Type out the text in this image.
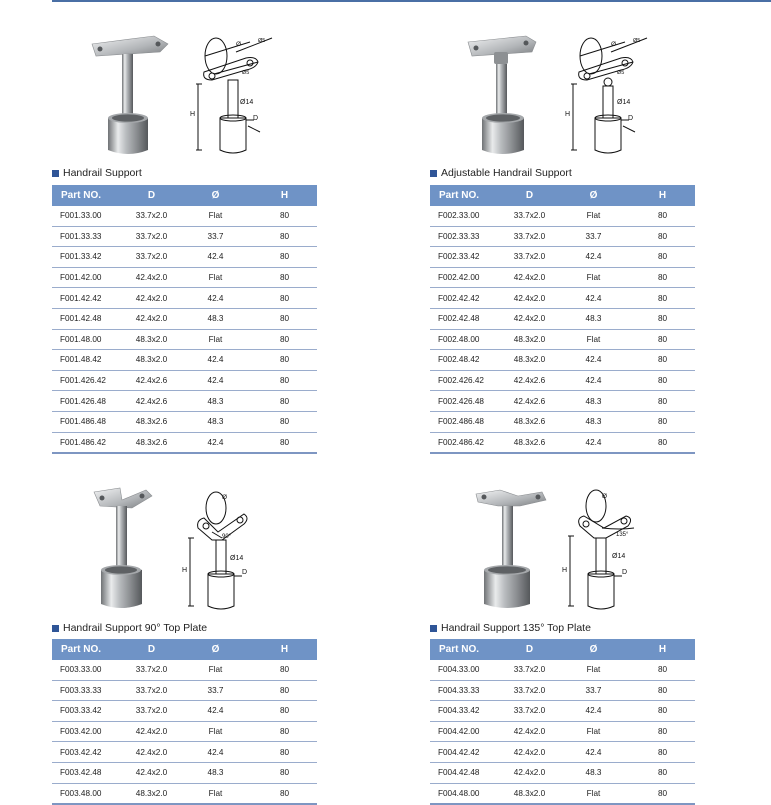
Ø	Ø5
Ø5
Ø14
H
D
Handrail Support
Part NO.	D	Ø	H
F001.33.00	33.7x2.0	Flat	80
F001.33.33	33.7x2.0	33.7	80
F001.33.42	33.7x2.0	42.4	80
F001.42.00	42.4x2.0	Flat	80
F001.42.42	42.4x2.0	42.4	80
F001.42.48	42.4x2.0	48.3	80
F001.48.00	48.3x2.0	Flat	80
F001.48.42	48.3x2.0	42.4	80
F001.426.42	42.4x2.6	42.4	80
F001.426.48	42.4x2.6	48.3	80
F001.486.48	48.3x2.6	48.3	80
F001.486.42	48.3x2.6	42.4	80
Ø	Ø5
Ø5
Ø14
H
D
Adjustable Handrail Support
Part NO.	D	Ø	H
F002.33.00	33.7x2.0	Flat	80
F002.33.33	33.7x2.0	33.7	80
F002.33.42	33.7x2.0	42.4	80
F002.42.00	42.4x2.0	Flat	80
F002.42.42	42.4x2.0	42.4	80
F002.42.48	42.4x2.0	48.3	80
F002.48.00	48.3x2.0	Flat	80
F002.48.42	48.3x2.0	42.4	80
F002.426.42	42.4x2.6	42.4	80
F002.426.48	42.4x2.6	48.3	80
F002.486.48	48.3x2.6	48.3	80
F002.486.42	48.3x2.6	42.4	80
Ø
90°
Ø14
H	D
Handrail Support 90° Top Plate
Part NO.	D	Ø	H
F003.33.00	33.7x2.0	Flat	80
F003.33.33	33.7x2.0	33.7	80
F003.33.42	33.7x2.0	42.4	80
F003.42.00	42.4x2.0	Flat	80
F003.42.42	42.4x2.0	42.4	80
F003.42.48	42.4x2.0	48.3	80
F003.48.00	48.3x2.0	Flat	80
Ø
135°
Ø14
H	D
Handrail Support 135° Top Plate
Part NO.	D	Ø	H
F004.33.00	33.7x2.0	Flat	80
F004.33.33	33.7x2.0	33.7	80
F004.33.42	33.7x2.0	42.4	80
F004.42.00	42.4x2.0	Flat	80
F004.42.42	42.4x2.0	42.4	80
F004.42.48	42.4x2.0	48.3	80
F004.48.00	48.3x2.0	Flat	80
